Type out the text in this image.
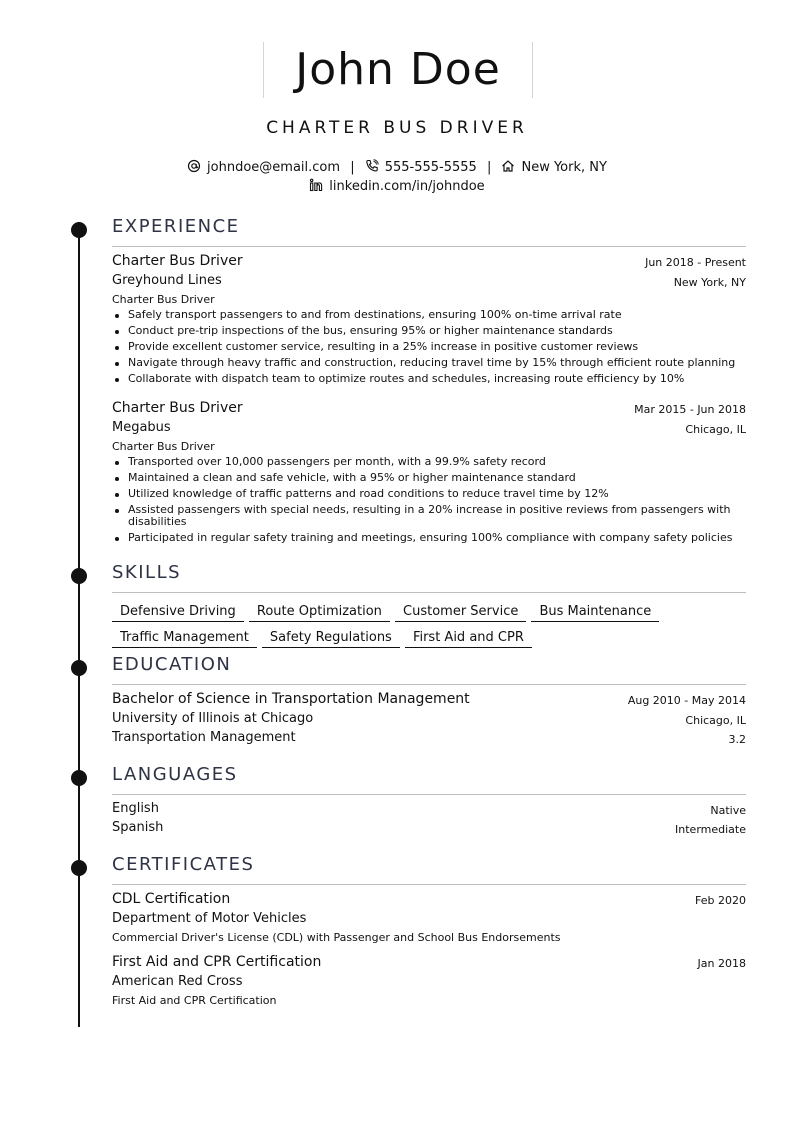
John Doe
CHARTER BUS DRIVER
johndoe@email.com | 555-555-5555 | New York, NY
linkedin.com/in/johndoe
EXPERIENCE
Charter Bus Driver	Jun 2018 - Present
Greyhound Lines	New York, NY
Charter Bus Driver
Safely transport passengers to and from destinations, ensuring 100% on-time arrival rate
Conduct pre-trip inspections of the bus, ensuring 95% or higher maintenance standards
Provide excellent customer service, resulting in a 25% increase in positive customer reviews
Navigate through heavy traffic and construction, reducing travel time by 15% through efficient route planning
Collaborate with dispatch team to optimize routes and schedules, increasing route efficiency by 10%
Charter Bus Driver	Mar 2015 - Jun 2018
Megabus	Chicago, IL
Charter Bus Driver
Transported over 10,000 passengers per month, with a 99.9% safety record
Maintained a clean and safe vehicle, with a 95% or higher maintenance standard
Utilized knowledge of traffic patterns and road conditions to reduce travel time by 12%
Assisted passengers with special needs, resulting in a 20% increase in positive reviews from passengers with disabilities
Participated in regular safety training and meetings, ensuring 100% compliance with company safety policies
SKILLS
Defensive Driving Route Optimization Customer Service Bus Maintenance
Traffic Management Safety Regulations First Aid and CPR
EDUCATION
Bachelor of Science in Transportation Management	Aug 2010 - May 2014
University of Illinois at Chicago	Chicago, IL
Transportation Management	3.2
LANGUAGES
English	Native
Spanish	Intermediate
CERTIFICATES
CDL Certification	Feb 2020
Department of Motor Vehicles
Commercial Driver's License (CDL) with Passenger and School Bus Endorsements
First Aid and CPR Certification	Jan 2018
American Red Cross
First Aid and CPR Certification
